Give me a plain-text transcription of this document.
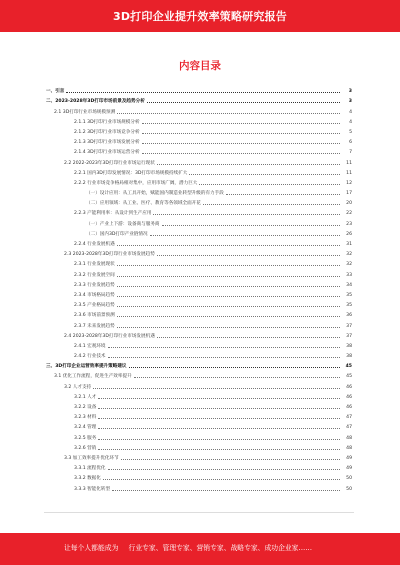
3D打印企业提升效率策略研究报告
内容目录
一、引言	3
二、2023-2028年3D打印市场前景及趋势分析	3
2.1 3D打印行业市场规模预测	4
2.1.1 3D打印行业市场规模分析	4
2.1.2 3D打印行业市场竞争分析	5
2.1.3 3D打印行业市场发展分析	6
2.1.4 3D打印行业市场运营分析	7
2.2 2022-2023年3D打印行业市场运行现状	11
2.2.1 国内3D打印发展情况：3D打印市场规模持续扩大	11
2.2.2 行业市场竞争格局相对集中，应用市场广阔，潜力巨大	12
（一）设计应用：从工具开始，赋能国内制造业转型升级的有力手段	17
（二）应用领域：从工业、医疗、教育等各领域全面开花	20
2.2.3 产能利用率：从设计到生产应用	22
（一）产业上下游：设备商与服务商	23
（二）国内3D打印产业链情况	26
2.2.4 行业发展机遇	31
2.3 2023-2028年3D打印行业市场发展趋势	32
2.3.1 行业发展现状	32
2.3.2 行业发展空间	33
2.3.3 行业发展趋势	34
2.3.4 市场格局趋势	35
2.3.5 产业格局趋势	35
2.3.6 市场前景预测	36
2.3.7 未来发展趋势	37
2.4 2023-2028年3D打印行业市场发展机遇	37
2.4.1 宏观环境	38
2.4.2 行业技术	38
三、3D打印企业运营效率提升策略建议	45
3.1 优化工作流程，促进生产效率提升	45
3.2 人才支持	46
3.2.1 人才	46
3.2.2 设备	46
3.2.3 材料	47
3.2.4 管理	47
3.2.5 服务	48
3.2.6 营销	48
3.3 加工效率提升优化环节	49
3.3.1 流程优化	49
3.3.2 数据化	50
3.3.3 智能化转型	50
让每个人都能成为 行业专家、管理专家、营销专家、战略专家、成功企业家……
